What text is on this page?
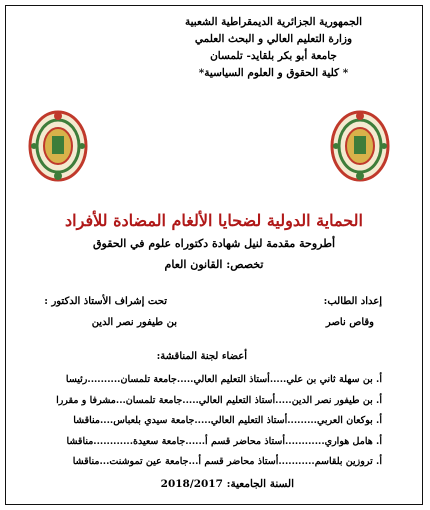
الجمهورية الجزائرية الديمقراطية الشعبية
وزارة التعليم العالي و البحث العلمي
جامعة أبو بكر بلقايد- تلمسان
* كلية الحقوق و العلوم السياسية*
الحماية الدولية لضحايا الألغام المضادة للأفراد
أطروحة مقدمة لنيل شهادة دكتوراه علوم في الحقوق
تخصص: القانون العام
إعداد الطالب:
وقاص ناصر
تحت إشراف الأستاذ الدكتور :
بن طيفور نصر الدين
أعضاء لجنة المناقشة:
أ. بن سهلة ثاني بن علي.....أستاذ التعليم العالي.....جامعة تلمسان..........رئيسا
أ. بن طيفور نصر الدين.....أستاذ التعليم العالي.....جامعة تلمسان...مشرفا و مقررا
أ. بوكعان العربي.........أستاذ التعليم العالي.....جامعة سيدي بلعباس....مناقشا
أ. هامل هواري............أستاذ محاضر قسم أ......جامعة سعيدة............مناقشا
أ. تروزين بلقاسم...........أستاذ محاضر قسم أ...جامعة عين تموشنت...مناقشا
السنة الجامعية: 2018/2017
